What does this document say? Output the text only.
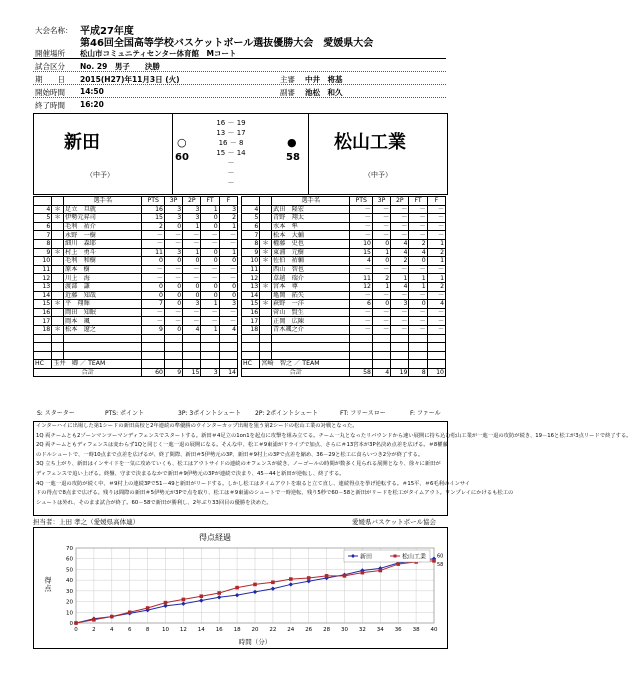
大会名称： 平成27年度
第46回全国高等学校バスケットボール選抜優勝大会　愛媛県大会
開催場所 松山市コミュニティセンター体育館　Mコート
試合区分 No. 29　男子　　決勝
期　　日 2015(H27)年11月3日 (火)	主審 中井　将基
開始時間 14:50	副審 池松　和久
終了時間 16:20
新田
（中予）
○
60
16 － 19
13 － 17
16 － 8
15 － 14
－
－
－
●
58
松山工業
（中予）
		選手名	PTS	3P	2P	FT	F
4	＊	足立　旦就	16	3	3	1	3
5	＊	伊勢元昇司	15	3	3	0	2
6		毛利　祐介	2	0	1	0	1
7		永野　一樹	－	－	－	－	－
8		細川　森耶	－	－	－	－	－
9	＊	村上　勇斗	11	3	1	0	1
10		毛利　和樹	0	0	0	0	0
11		原本　樹	－	－	－	－	－
12		川上　海	－	－	－	－	－
13		渡部　謙	0	0	0	0	0
14		近藤　知哉	0	0	0	0	0
15	＊	平　翔輝	7	0	3	1	3
16		岡田　知眠	－	－	－	－	－
17		岡本　颯	－	－	－	－	－
18	＊	松本　遼之	9	0	4	1	4

HC	玉井　卿 ／ TEAM						
合計			60	9	15	3	14
		選手名	PTS	3P	2P	FT	F
4		武田　隆宏	－	－	－	－	－
5		青野　翔太	－	－	－	－	－
6		水本　隼	－	－	－	－	－
7		松本　大輔	－	－	－	－	－
8	＊	權藤　史也	10	0	4	2	1
9	＊	東浦　元樹	15	1	4	4	2
10	＊	佐伯　祐輔	4	0	2	0	1
11		西山　智也	－	－	－	－	－
12		草越　瑞介	11	2	1	1	1
13	＊	宮本　尊	12	1	4	1	2
14		亀岡　拓矢	－	－	－	－	－
15	＊	萩野　一洋	6	0	3	0	4
16		菅山　賢生	－	－	－	－	－
17		正岡　広陳	－	－	－	－	－
18		青木颯之介	－	－	－	－	－

HC	宮崎　智之 ／ TEAM						
合計			58	4	19	8	10
S: スターター	PTS: ポイント	3P: 3ポイントシュート 2P: 2ポイントシュート	FT: フリースロー	F: ファール
インターハイに出場した第1シードの新田高校と2年連続の準優勝のウインターカップ出場を狙う第2シードの松山工業の対戦となった。
1Q 両チームとも2ゾーンマンツーマンディフェンスでスタートする。新田＃4足立の1on1を起点に攻撃を組み立てる。チーム一丸となったリバウンドから速い展開に持ち込む松山工業が一進一退の攻防が続き、19－16と松工が3点リードで終了する。
2Q 両チームともディフェンスは変わらず1Qと同じく一進一退の展開になる。そんな中、松工＃9東浦がドライブで加点、さらに＃13宮本が3P名決め点差を広げる。＃8權藤
のドルシュートで、一時10点まで点差を広げるが、終了間際、新田＃5伊勢元の3P、新田＃9村上の3Pで点差を縮め、36－29と松工に食らいつき2分が終了する。
3Q 立ち上がり、新田はインサイドを一気に攻めていくも、松工はアウトサイドの連続のオフェンスが続き、ノーゴールの時間が数多く見られる展開となり、徐々に新田が
ディフェンスで追い上げる。終盤、守まで決まるなかで新田＃9伊勢元の3Pが連続で決まり、45－44と新田が逆転し、終了する。
4Q 一進一退の攻防が続く中、＃9村上の連続3Pで51－49と新田がリードする。しかし松工はタイムアウトを取ると立て直し、連続得点を挙げ逆転する。＃15平、＃6毛利のインサイ
ドの得点で8点まで広げる。残りは間際の新田＃5伊勢元が3Pで点を取り、松工は＃9東浦のシュートで一時逆転、残り5秒で60－58と新田がリードを松工がタイムアウト。ワンプレイにかけるも松工の
シュートは外れ、そのまま試合が終了。60－58で新田が勝利し、2年ぶり33回目の優勝を決めた。
担当者：上田 孝之（愛媛県高体連）	愛媛県バスケットボール協会
得点経過
0
10
20
30
40
50
60
70
0	2	4	6	8 10 12 14 16 18 20 22 24 26 28 30 32 34 36 38 40
得点
時間（分）
60
58
新田	松山工業
